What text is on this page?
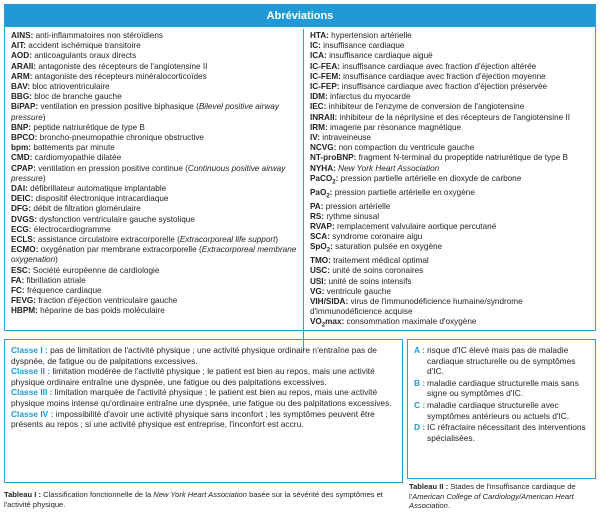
Abréviations
AINS: anti-inflammatoires non stéroïdiens
AIT: accident ischémique transitoire
AOD: anticoagulants oraux directs
ARAII: antagoniste des récepteurs de l'angiotensine II
ARM: antagoniste des récepteurs minéralocorticoïdes
BAV: bloc atrioventriculaire
BBG: bloc de branche gauche
BiPAP: ventilation en pression positive biphasique (Bilevel positive airway pressure)
BNP: peptide natriurétique de type B
BPCO: broncho-pneumopathie chronique obstructive
bpm: battements par minute
CMD: cardiomyopathie dilatée
CPAP: ventilation en pression positive continue (Continuous positive airway pressure)
DAI: défibrillateur automatique implantable
DEIC: dispositif électronique intracardiaque
DFG: débit de filtration glomérulaire
DVGS: dysfonction ventriculaire gauche systolique
ECG: électrocardiogramme
ECLS: assistance circulatoire extracorporelle (Extracorporeal life support)
ECMO: oxygénation par membrane extracorporelle (Extracorporeal membrane oxygenation)
ESC: Société européenne de cardiologie
FA: fibrillation atriale
FC: fréquence cardiaque
FEVG: fraction d'éjection ventriculaire gauche
HBPM: héparine de bas poids moléculaire
HTA: hypertension artérielle
IC: insuffisance cardiaque
ICA: insuffisance cardiaque aiguë
IC-FEA: insuffisance cardiaque avec fraction d'éjection altérée
IC-FEM: insuffisance cardiaque avec fraction d'éjection moyenne
IC-FEP: insuffisance cardiaque avec fraction d'éjection préservée
IDM: infarctus du myocarde
IEC: inhibiteur de l'enzyme de conversion de l'angiotensine
INRAII: inhibiteur de la néprilysine et des récepteurs de l'angiotensine II
IRM: imagerie par résonance magnétique
IV: intraveineuse
NCVG: non compaction du ventricule gauche
NT-proBNP: fragment N-terminal du propeptide natriurétique de type B
NYHA: New York Heart Association
PaCO$_2$: pression partielle artérielle en dioxyde de carbone
PaO$_2$: pression partielle artérielle en oxygène
PA: pression artérielle
RS: rythme sinusal
RVAP: remplacement valvulaire aortique percutané
SCA: syndrome coronaire aigu
SpO$_2$: saturation pulsée en oxygène
TMO: traitement médical optimal
USC: unité de soins coronaires
USI: unité de soins intensifs
VG: ventricule gauche
VIH/SIDA: virus de l'immunodéficience humaine/syndrome d'immunodéficience acquise
$VO_2\max$: consommation maximale d'oxygène
Classe I : pas de limitation de l'activité physique ; une activité physique ordinaire n'entraîne pas de dyspnée, de fatigue ou de palpitations excessives.
Classe II : limitation modérée de l'activité physique ; le patient est bien au repos, mais une activité physique ordinaire entraîne une dyspnée, une fatigue ou des palpitations excessives.
Classe III : limitation marquée de l'activité physique ; le patient est bien au repos, mais une activité physique moins intense qu'ordinaire entraîne une dyspnée, une fatigue ou des palpitations excessives.
Classe IV : impossibilité d'avoir une activité physique sans inconfort ; les symptômes peuvent être présents au repos ; si une activité physique est entreprise, l'inconfort est accru.
A : risque d'IC élevé mais pas de maladie cardiaque structurelle ou de symptômes d'IC.
B : maladie cardiaque structurelle mais sans signe ou symptômes d'IC.
C : maladie cardiaque structurelle avec symptômes antérieurs ou actuels d'IC.
D : IC réfractaire nécessitant des interventions spécialisées.
Tableau I : Classification fonctionnelle de la New York Heart Association basée sur la sévérité des symptômes et l'activité physique.
Tableau II : Stades de l'insuffisance cardiaque de l'American College of Cardiology/American Heart Association.
